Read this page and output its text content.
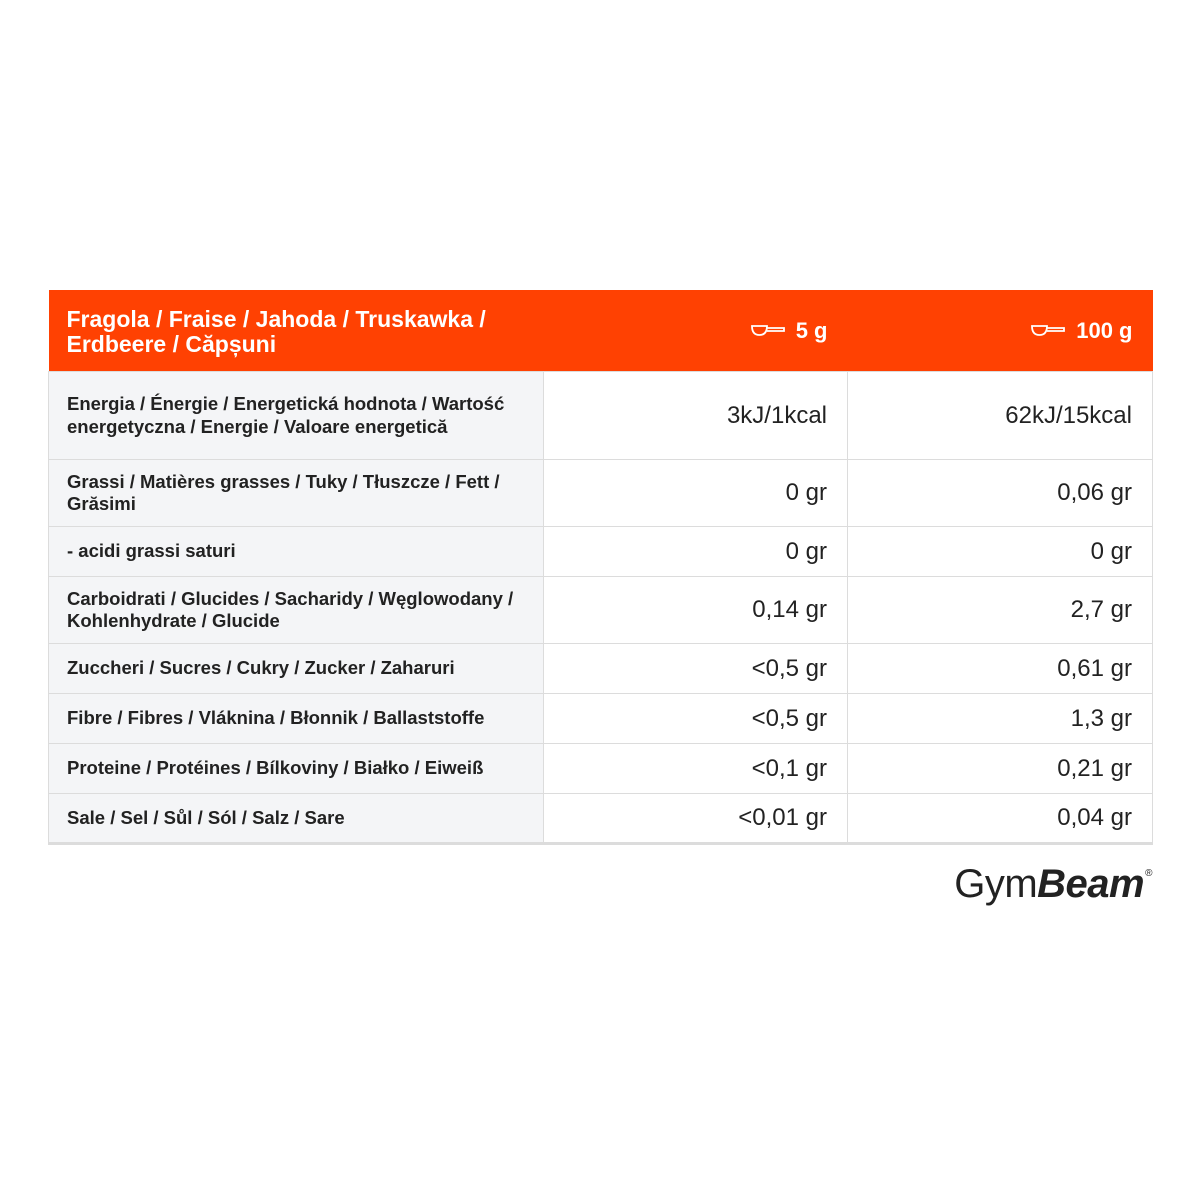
Fragola / Fraise / Jahoda / Truskawka / Erdbeere / Căpșuni	5 g	100 g
Energia / Énergie / Energetická hodnota / Wartość energetyczna / Energie / Valoare energetică	3kJ/1kcal	62kJ/15kcal
Grassi / Matières grasses / Tuky / Tłuszcze / Fett / Grăsimi	0 gr	0,06 gr
- acidi grassi saturi	0 gr	0 gr
Carboidrati / Glucides / Sacharidy / Węglowodany / Kohlenhydrate / Glucide	0,14 gr	2,7 gr
Zuccheri / Sucres / Cukry / Zucker / Zaharuri	<0,5 gr	0,61 gr
Fibre / Fibres / Vláknina / Błonnik / Ballaststoffe	<0,5 gr	1,3 gr
Proteine / Protéines / Bílkoviny / Białko / Eiweiß	<0,1 gr	0,21 gr
Sale / Sel / Sůl / Sól / Salz / Sare	<0,01 gr	0,04 gr
GymBeam®
